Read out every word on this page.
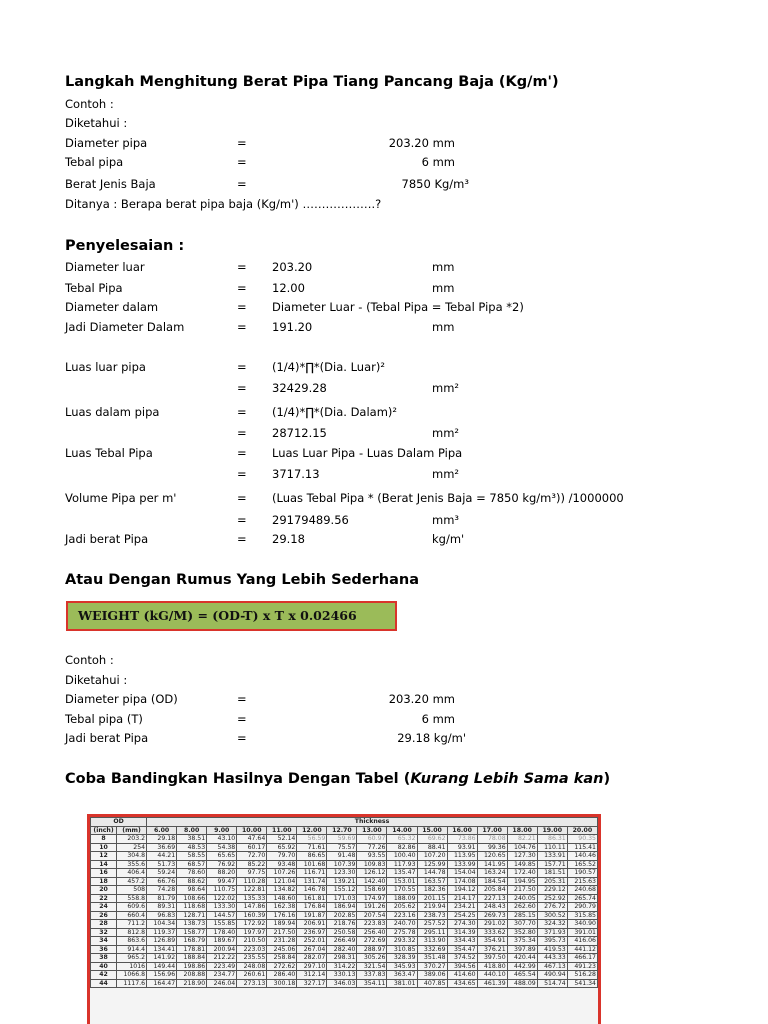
Langkah Menghitung Berat Pipa Tiang Pancang Baja (Kg/m')
Contoh :
Diketahui :
Diameter pipa	=	203.20 mm
Tebal pipa	=	6 mm
Berat Jenis Baja	=	7850 Kg/m³
Ditanya : Berapa berat pipa baja (Kg/m') ……………….?
Penyelesaian :
Diameter luar	= 203.20	mm
Tebal Pipa	= 12.00	mm
Diameter dalam	= Diameter Luar - (Tebal Pipa = Tebal Pipa *2)
Jadi Diameter Dalam	= 191.20	mm
Luas luar pipa	= (1/4)*∏*(Dia. Luar)²
= 32429.28	mm²
Luas dalam pipa	= (1/4)*∏*(Dia. Dalam)²
= 28712.15	mm²
Luas Tebal Pipa	= Luas Luar Pipa - Luas Dalam Pipa
= 3717.13	mm²
Volume Pipa per m'	= (Luas Tebal Pipa * (Berat Jenis Baja = 7850 kg/m³)) /1000000
= 29179489.56	mm³
Jadi berat Pipa	= 29.18	kg/m'
Atau Dengan Rumus Yang Lebih Sederhana
WEIGHT (kG/M) = (OD-T) x T x 0.02466
Contoh :
Diketahui :
Diameter pipa (OD)	=	203.20 mm
Tebal pipa (T)	=	6 mm
Jadi berat Pipa	=	29.18 kg/m'
Coba Bandingkan Hasilnya Dengan Tabel (Kurang Lebih Sama kan)
OD		Thickness														
(inch)	(mm)	6.00	8.00	9.00	10.00	11.00	12.00	12.70	13.00	14.00	15.00	16.00	17.00	18.00	19.00	20.00
8	203.2	29.18	38.51	43.10	47.64	52.14	56.59	59.69	60.97	65.32	69.62	73.86	78.08	82.21	86.31	90.35
10	254	36.69	48.53	54.38	60.17	65.92	71.61	75.57	77.26	82.86	88.41	93.91	99.36	104.76	110.11	115.41
12	304.8	44.21	58.55	65.65	72.70	79.70	86.65	91.48	93.55	100.40	107.20	113.95	120.65	127.30	133.91	140.46
14	355.6	51.73	68.57	76.92	85.22	93.48	101.68	107.39	109.83	117.93	125.99	133.99	141.95	149.85	157.71	165.52
16	406.4	59.24	78.60	88.20	97.75	107.26	116.71	123.30	126.12	135.47	144.78	154.04	163.24	172.40	181.51	190.57
18	457.2	66.76	88.62	99.47	110.28	121.04	131.74	139.21	142.40	153.01	163.57	174.08	184.54	194.95	205.31	215.63
20	508	74.28	98.64	110.75	122.81	134.82	146.78	155.12	158.69	170.55	182.36	194.12	205.84	217.50	229.12	240.68
22	558.8	81.79	108.66	122.02	135.33	148.60	161.81	171.03	174.97	188.09	201.15	214.17	227.13	240.05	252.92	265.74
24	609.6	89.31	118.68	133.30	147.86	162.38	176.84	186.94	191.26	205.62	219.94	234.21	248.43	262.60	276.72	290.79
26	660.4	96.83	128.71	144.57	160.39	176.16	191.87	202.85	207.54	223.16	238.73	254.25	269.73	285.15	300.52	315.85
28	711.2	104.34	138.73	155.85	172.92	189.94	206.91	218.76	223.83	240.70	257.52	274.30	291.02	307.70	324.32	340.90
32	812.8	119.37	158.77	178.40	197.97	217.50	236.97	250.58	256.40	275.78	295.11	314.39	333.62	352.80	371.93	391.01
34	863.6	126.89	168.79	189.67	210.50	231.28	252.01	266.49	272.69	293.32	313.90	334.43	354.91	375.34	395.73	416.06
36	914.4	134.41	178.81	200.94	223.03	245.06	267.04	282.40	288.97	310.85	332.69	354.47	376.21	397.89	419.53	441.12
38	965.2	141.92	188.84	212.22	235.55	258.84	282.07	298.31	305.26	328.39	351.48	374.52	397.50	420.44	443.33	466.17
40	1016	149.44	198.86	223.49	248.08	272.62	297.10	314.22	321.54	345.93	370.27	394.56	418.80	442.99	467.13	491.23
42	1066.8	156.96	208.88	234.77	260.61	286.40	312.14	330.13	337.83	363.47	389.06	414.60	440.10	465.54	490.94	516.28
44	1117.6	164.47	218.90	246.04	273.13	300.18	327.17	346.03	354.11	381.01	407.85	434.65	461.39	488.09	514.74	541.34
